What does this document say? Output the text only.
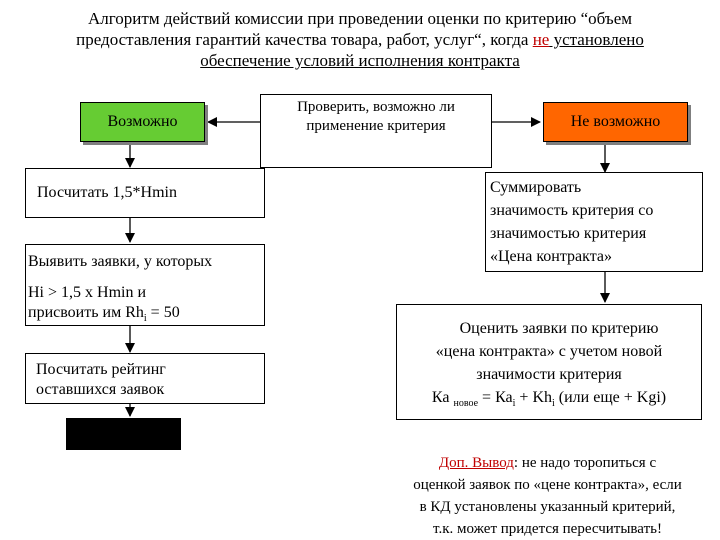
Алгоритм действий комиссии при проведении оценки по критерию “объем
предоставления гарантий качества товара, работ, услуг“, когда не установлено
обеспечение условий исполнения контракта
Возможно
Проверить, возможно ли
применение критерия	Не возможно
Посчитать 1,5*Hmin
Выявить заявки, у которых
Hi > 1,5 x Hmin и
присвоить им $Rh_i = 50$
Посчитать рейтинг
оставшихся заявок
Суммировать
значимость критерия со
значимостью критерия
«Цена контракта»
Оценить заявки по критерию
«цена контракта» с учетом новой
значимости критерия
Ка $_{новое} = Ка_i + Kh_i$ (или еще + Kgi)
Доп. Вывод: не надо торопиться с
оценкой заявок по «цене контракта», если
в КД установлены указанный критерий,
т.к. может придется пересчитывать!
